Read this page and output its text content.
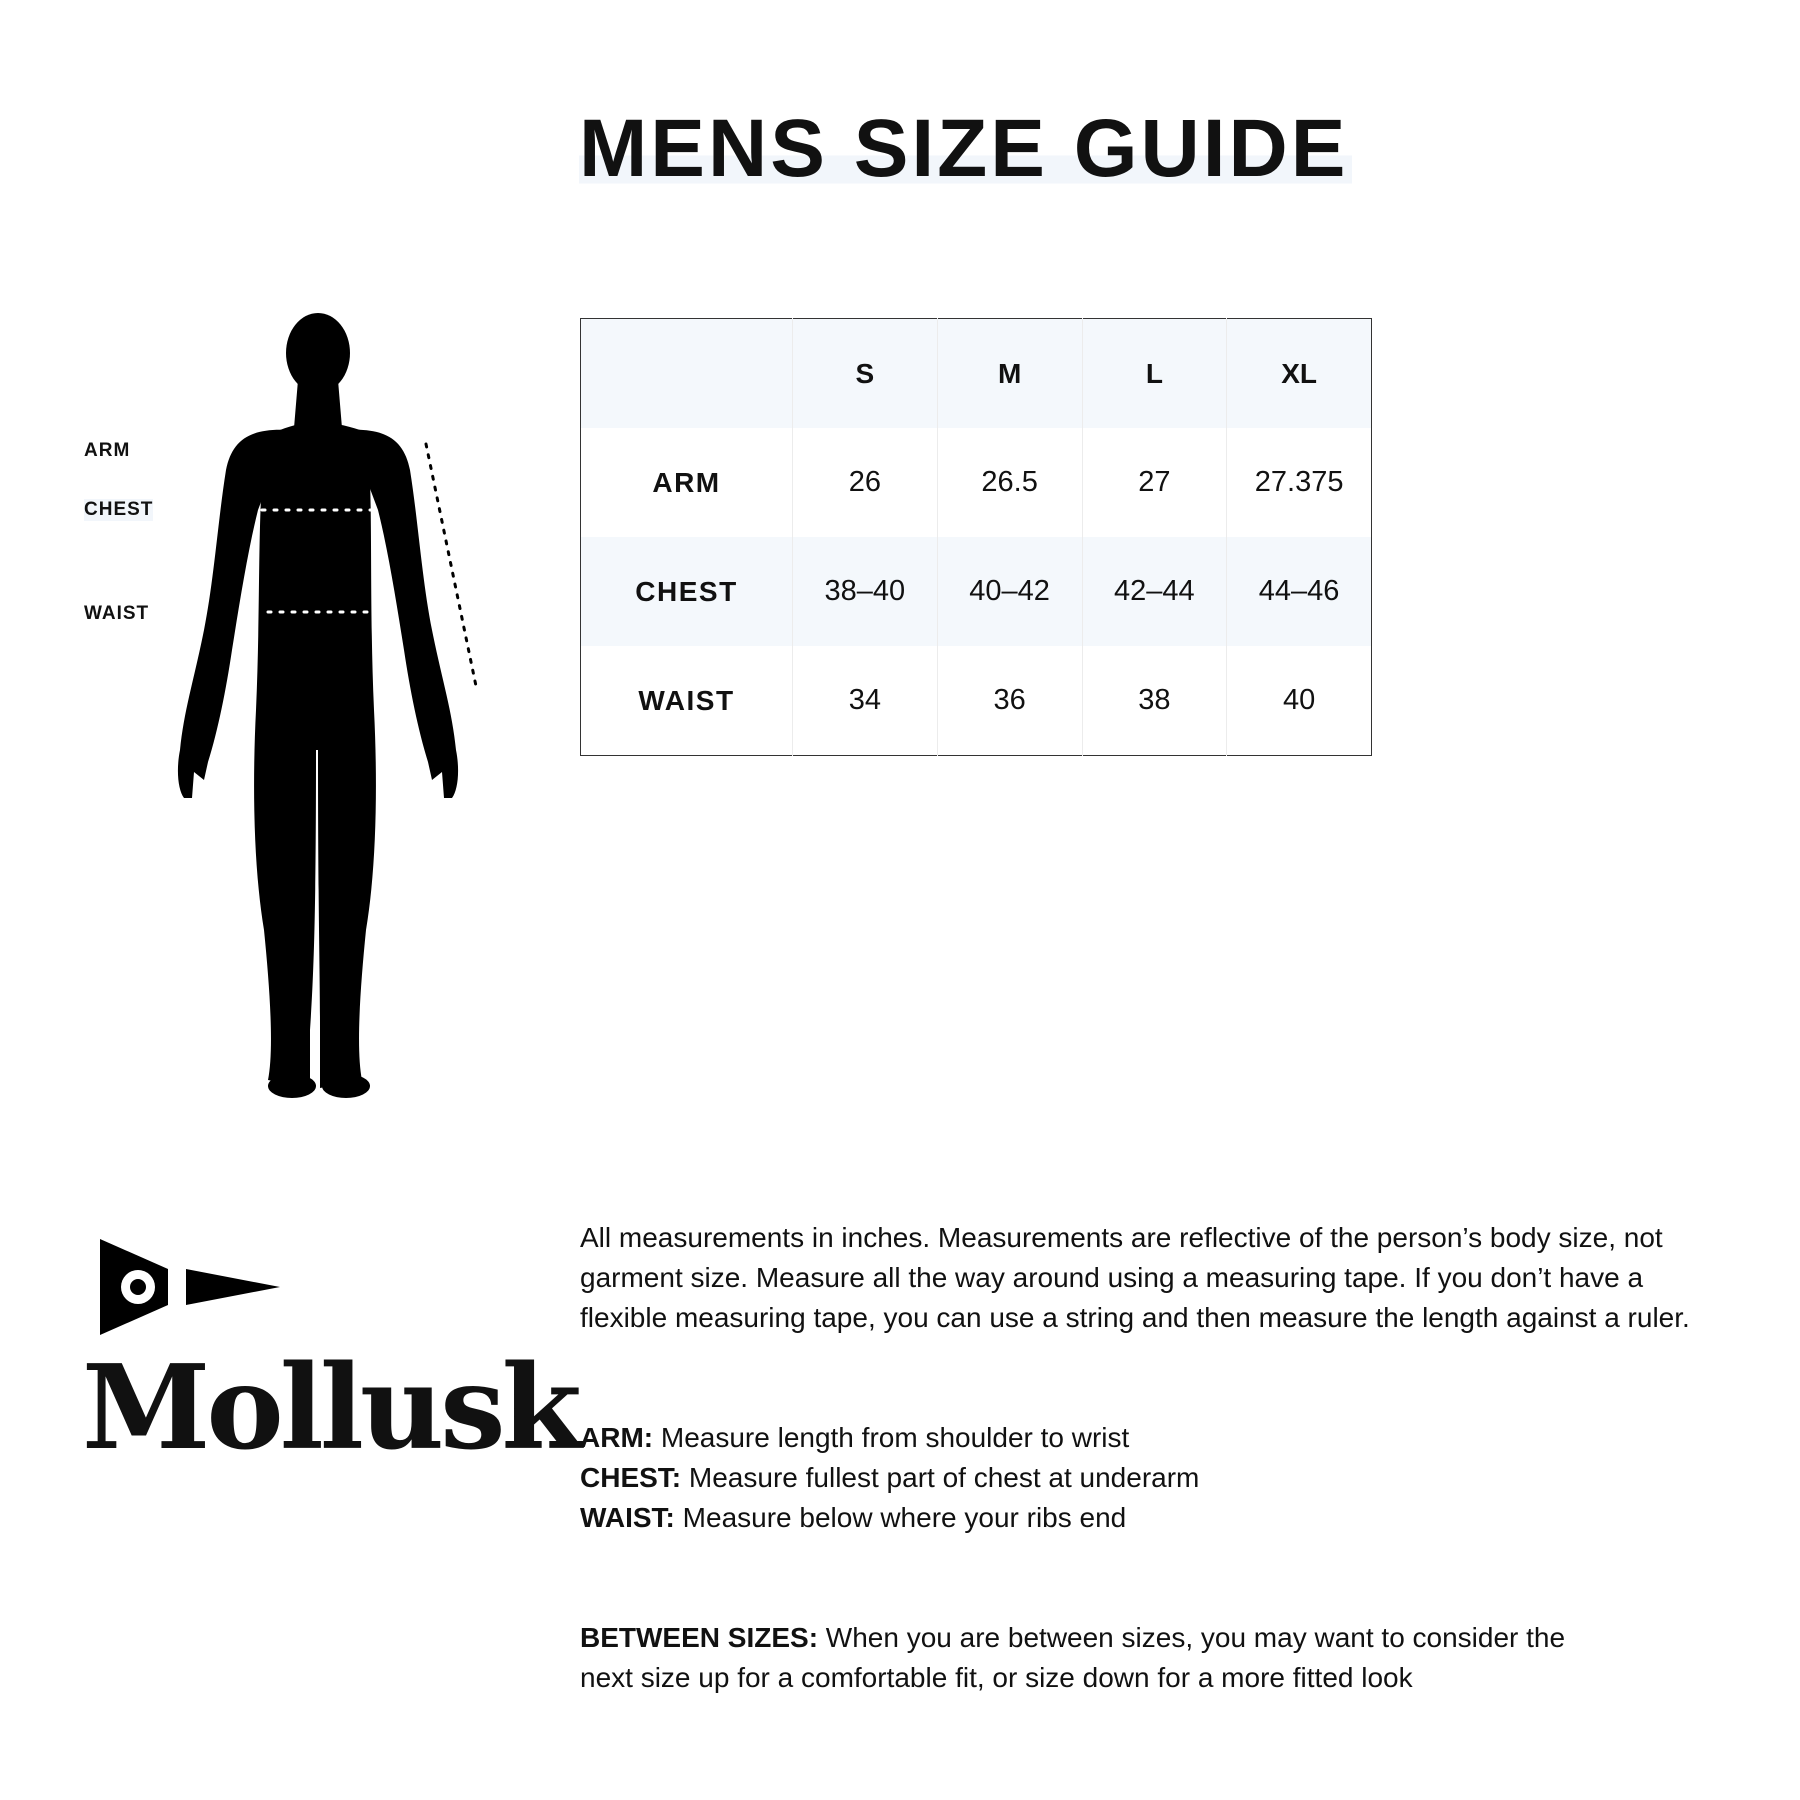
MENS SIZE GUIDE
ARM
CHEST
WAIST
	S	M	L	XL
ARM	26	26.5	27	27.375
CHEST	38–40	40–42	42–44	44–46
WAIST	34	36	38	40
Mollusk

All measurements in inches. Measurements are reflective of the person’s body size, not garment size. Measure all the way around using a measuring tape. If you don’t have a flexible measuring tape, you can use a string and then measure the length against a ruler.

ARM: Measure length from shoulder to wrist
CHEST: Measure fullest part of chest at underarm
WAIST: Measure below where your ribs end

BETWEEN SIZES: When you are between sizes, you may want to consider the next size up for a comfortable fit, or size down for a more fitted look
